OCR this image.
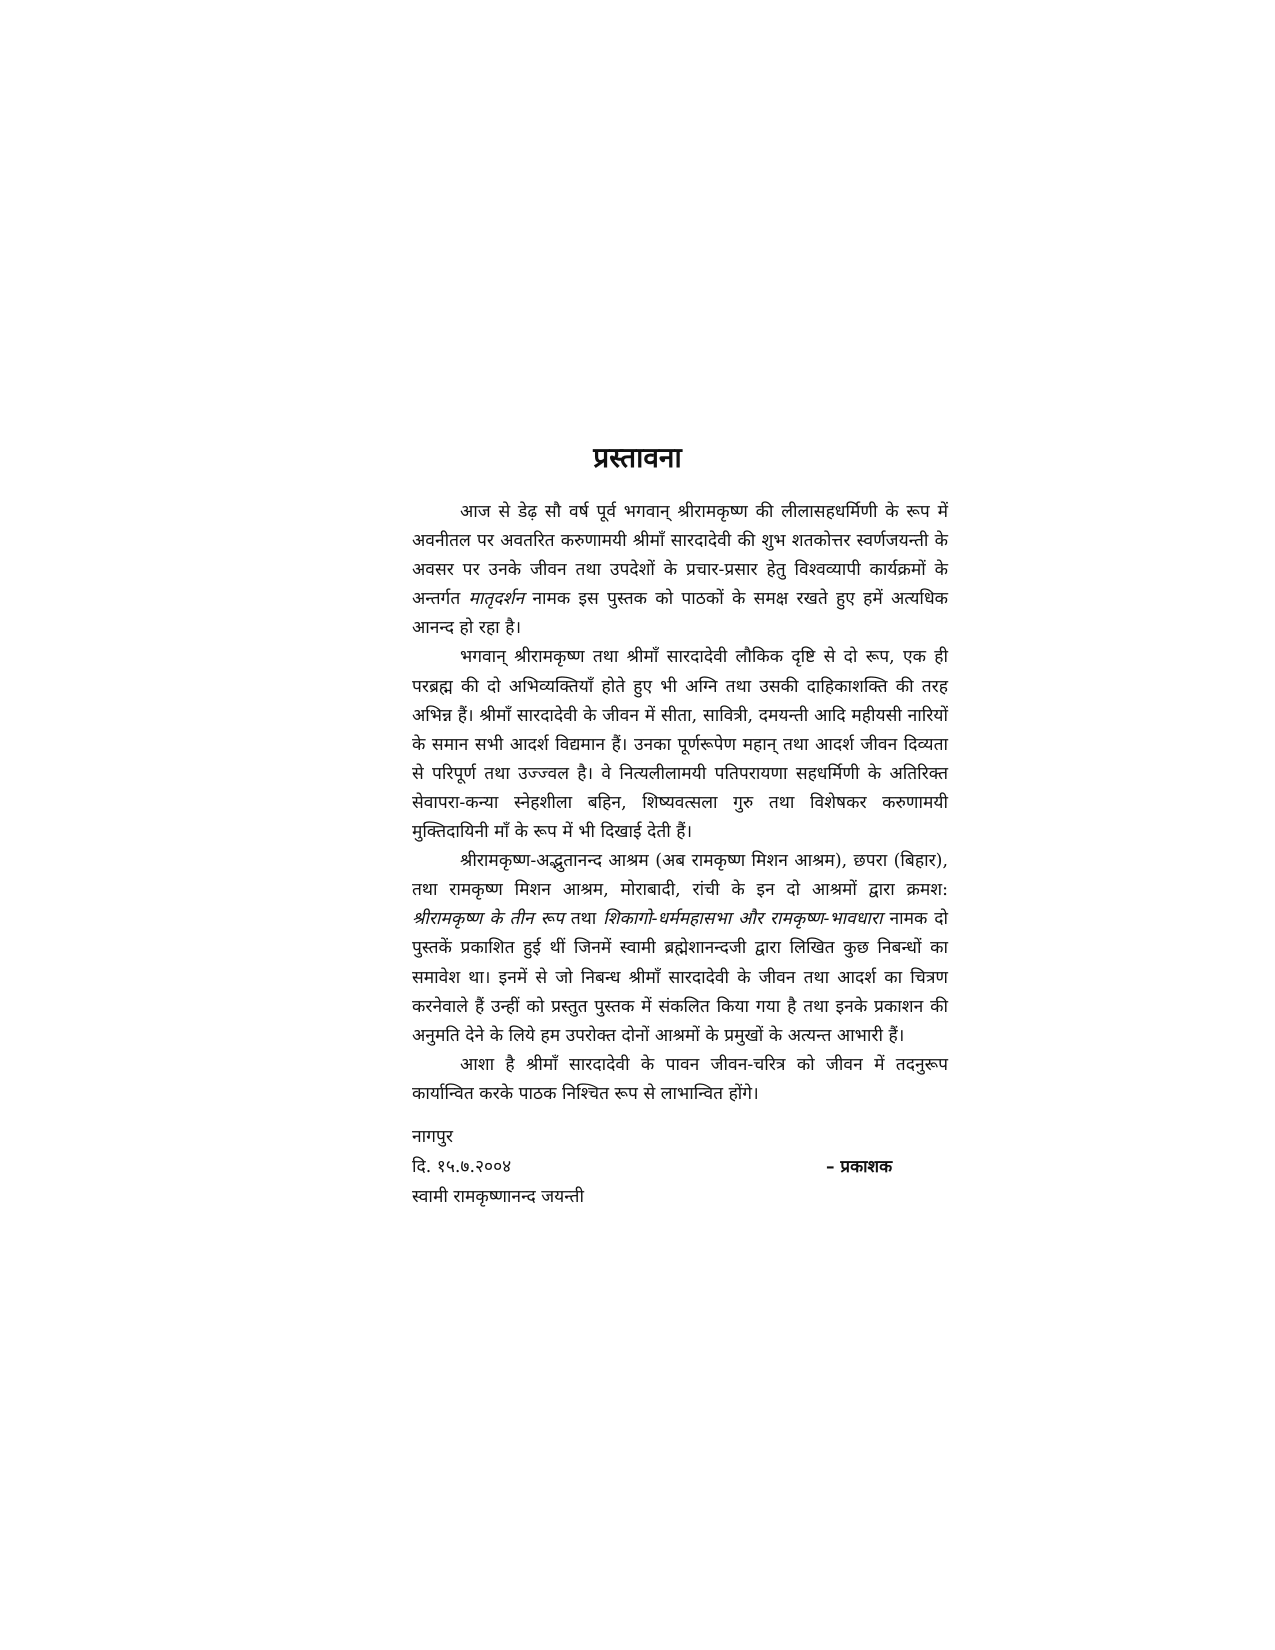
प्रस्तावना

आज से डेढ़ सौ वर्ष पूर्व भगवान् श्रीरामकृष्ण की लीलासहधर्मिणी के रूप में अवनीतल पर अवतरित करुणामयी श्रीमाँ सारदादेवी की शुभ शतकोत्तर स्वर्णजयन्ती के अवसर पर उनके जीवन तथा उपदेशों के प्रचार-प्रसार हेतु विश्वव्यापी कार्यक्रमों के अन्तर्गत मातृदर्शन नामक इस पुस्तक को पाठकों के समक्ष रखते हुए हमें अत्यधिक आनन्द हो रहा है।

भगवान् श्रीरामकृष्ण तथा श्रीमाँ सारदादेवी लौकिक दृष्टि से दो रूप, एक ही परब्रह्म की दो अभिव्यक्तियाँ होते हुए भी अग्नि तथा उसकी दाहिकाशक्ति की तरह अभिन्न हैं। श्रीमाँ सारदादेवी के जीवन में सीता, सावित्री, दमयन्ती आदि महीयसी नारियों के समान सभी आदर्श विद्यमान हैं। उनका पूर्णरूपेण महान् तथा आदर्श जीवन दिव्यता से परिपूर्ण तथा उज्ज्वल है। वे नित्यलीलामयी पतिपरायणा सहधर्मिणी के अतिरिक्त सेवापरा-कन्या स्नेहशीला बहिन, शिष्यवत्सला गुरु तथा विशेषकर करुणामयी मुक्तिदायिनी माँ के रूप में भी दिखाई देती हैं।

श्रीरामकृष्ण-अद्भुतानन्द आश्रम (अब रामकृष्ण मिशन आश्रम), छपरा (बिहार), तथा रामकृष्ण मिशन आश्रम, मोराबादी, रांची के इन दो आश्रमों द्वारा क्रमश: श्रीरामकृष्ण के तीन रूप तथा शिकागो-धर्ममहासभा और रामकृष्ण-भावधारा नामक दो पुस्तकें प्रकाशित हुई थीं जिनमें स्वामी ब्रह्मेशानन्दजी द्वारा लिखित कुछ निबन्धों का समावेश था। इनमें से जो निबन्ध श्रीमाँ सारदादेवी के जीवन तथा आदर्श का चित्रण करनेवाले हैं उन्हीं को प्रस्तुत पुस्तक में संकलित किया गया है तथा इनके प्रकाशन की अनुमति देने के लिये हम उपरोक्त दोनों आश्रमों के प्रमुखों के अत्यन्त आभारी हैं।

आशा है श्रीमाँ सारदादेवी के पावन जीवन-चरित्र को जीवन में तदनुरूप कार्यान्वित करके पाठक निश्चित रूप से लाभान्वित होंगे।

नागपुर
दि. १५.७.२००४
स्वामी रामकृष्णानन्द जयन्ती
– प्रकाशक
